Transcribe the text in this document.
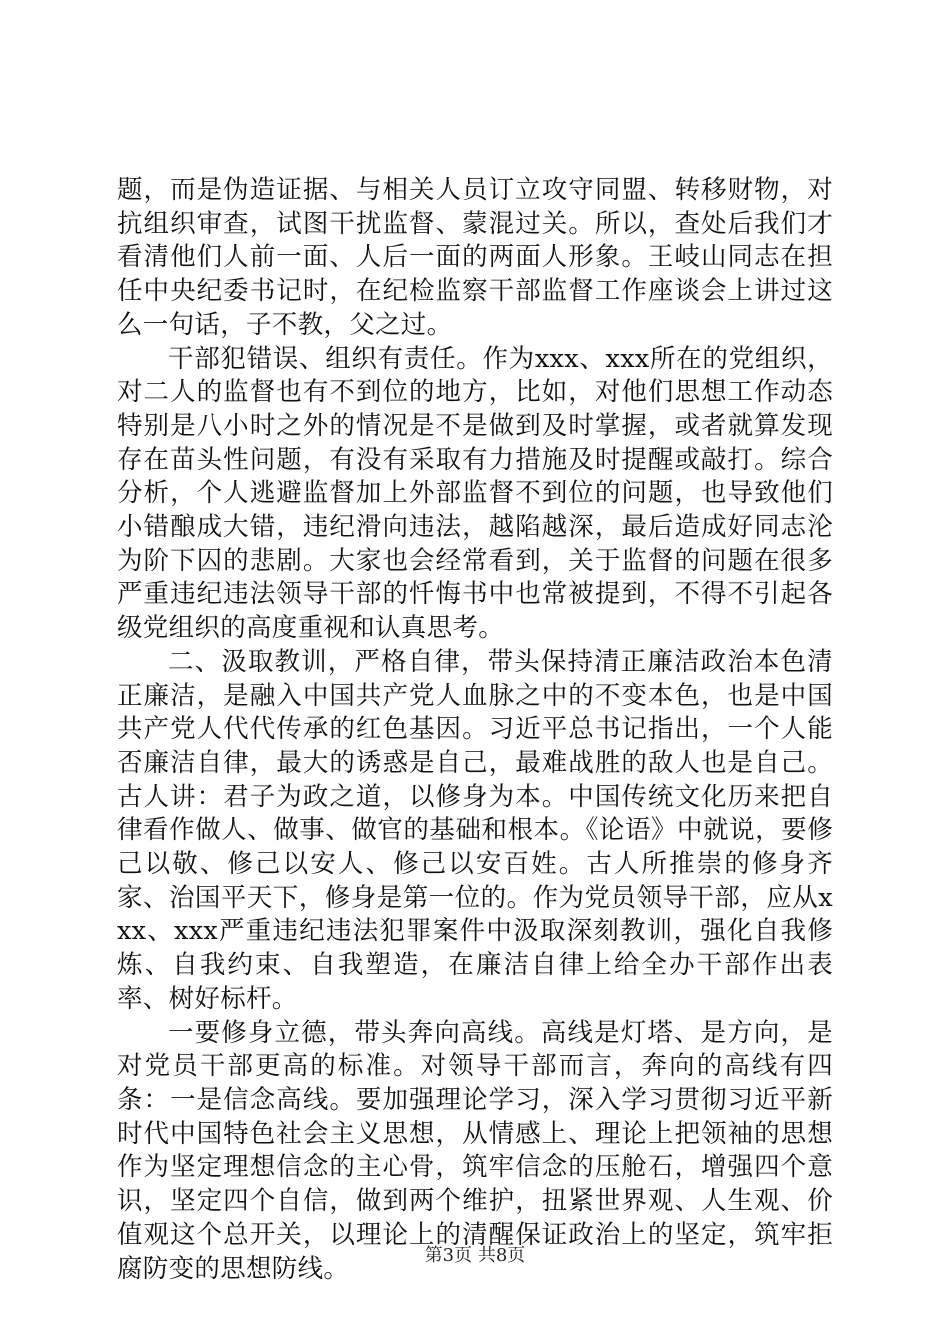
题，而是伪造证据、与相关人员订立攻守同盟、转移财物，对抗组织审查，试图干扰监督、蒙混过关。所以，查处后我们才看清他们人前一面、人后一面的两面人形象。王岐山同志在担任中央纪委书记时，在纪检监察干部监督工作座谈会上讲过这么一句话，子不教，父之过。

干部犯错误、组织有责任。作为xxx、xxx所在的党组织，对二人的监督也有不到位的地方，比如，对他们思想工作动态特别是八小时之外的情况是不是做到及时掌握，或者就算发现存在苗头性问题，有没有采取有力措施及时提醒或敲打。综合分析，个人逃避监督加上外部监督不到位的问题，也导致他们小错酿成大错，违纪滑向违法，越陷越深，最后造成好同志沦为阶下囚的悲剧。大家也会经常看到，关于监督的问题在很多严重违纪违法领导干部的忏悔书中也常被提到，不得不引起各级党组织的高度重视和认真思考。

二、汲取教训，严格自律，带头保持清正廉洁政治本色清正廉洁，是融入中国共产党人血脉之中的不变本色，也是中国共产党人代代传承的红色基因。习近平总书记指出，一个人能否廉洁自律，最大的诱惑是自己，最难战胜的敌人也是自己。古人讲：君子为政之道，以修身为本。中国传统文化历来把自律看作做人、做事、做官的基础和根本。《论语》中就说，要修己以敬、修己以安人、修己以安百姓。古人所推崇的修身齐家、治国平天下，修身是第一位的。作为党员领导干部，应从xxx、xxx严重违纪违法犯罪案件中汲取深刻教训，强化自我修炼、自我约束、自我塑造，在廉洁自律上给全办干部作出表率、树好标杆。

一要修身立德，带头奔向高线。高线是灯塔、是方向，是对党员干部更高的标准。对领导干部而言，奔向的高线有四条：一是信念高线。要加强理论学习，深入学习贯彻习近平新时代中国特色社会主义思想，从情感上、理论上把领袖的思想作为坚定理想信念的主心骨，筑牢信念的压舱石，增强四个意识，坚定四个自信，做到两个维护，扭紧世界观、人生观、价值观这个总开关，以理论上的清醒保证政治上的坚定，筑牢拒腐防变的思想防线。	第3页 共8页
